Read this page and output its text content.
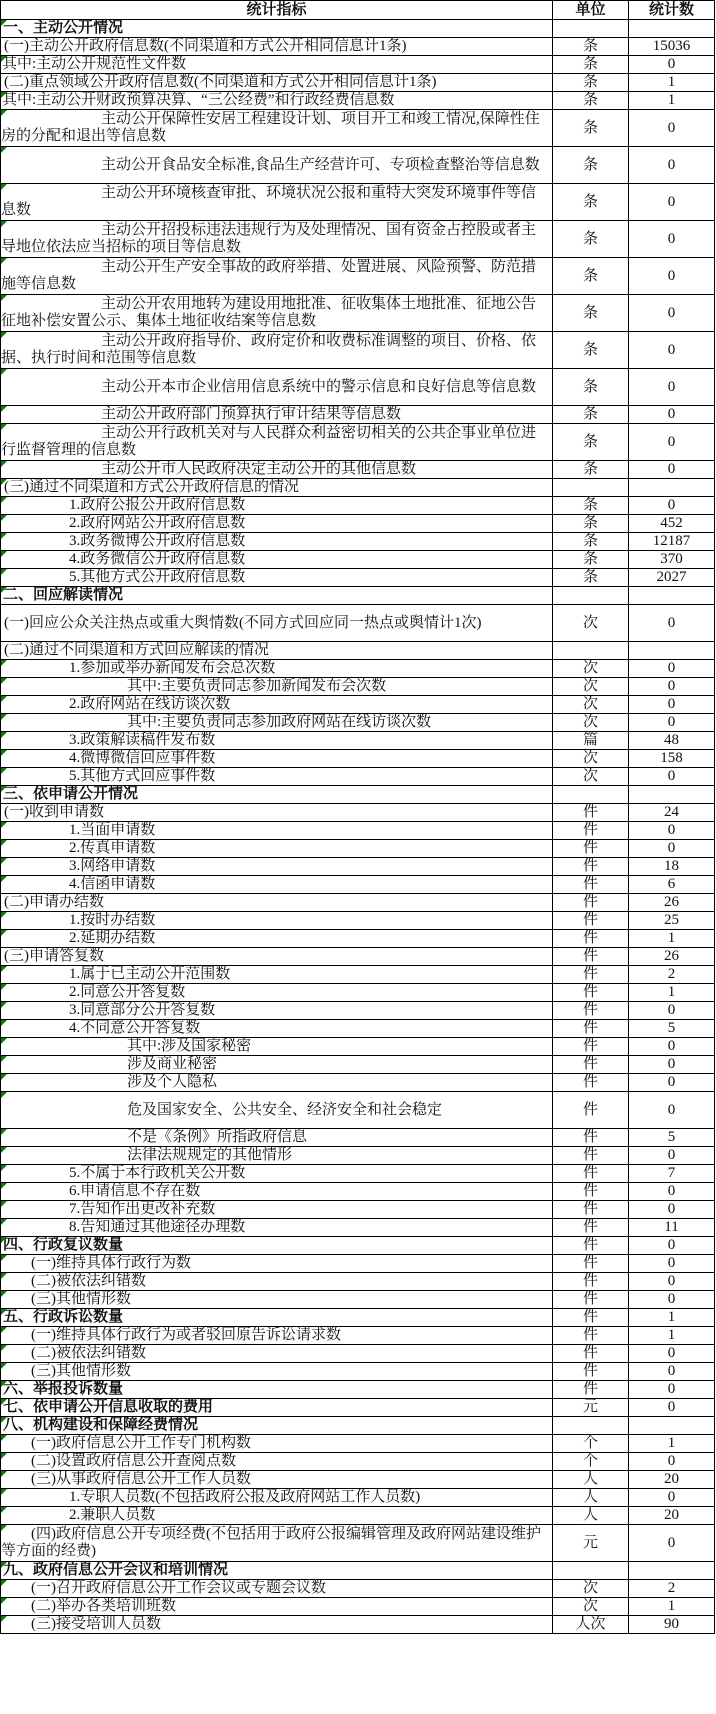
统计指标	单位	统计数

一、主动公开情况		

(一)主动公开政府信息数(不同渠道和方式公开相同信息计1条)	条	15036

其中:主动公开规范性文件数	条	0

(二)重点领域公开政府信息数(不同渠道和方式公开相同信息计1条)	条	1

其中:主动公开财政预算决算、“三公经费”和行政经费信息数	条	1

主动公开保障性安居工程建设计划、项目开工和竣工情况,保障性住房的分配和退出等信息数	条	0

主动公开食品安全标准,食品生产经营许可、专项检查整治等信息数	条	0

主动公开环境核查审批、环境状况公报和重特大突发环境事件等信息数	条	0

主动公开招投标违法违规行为及处理情况、国有资金占控股或者主导地位依法应当招标的项目等信息数	条	0

主动公开生产安全事故的政府举措、处置进展、风险预警、防范措施等信息数	条	0

主动公开农用地转为建设用地批准、征收集体土地批准、征地公告征地补偿安置公示、集体土地征收结案等信息数	条	0

主动公开政府指导价、政府定价和收费标准调整的项目、价格、依据、执行时间和范围等信息数	条	0

主动公开本市企业信用信息系统中的警示信息和良好信息等信息数	条	0

主动公开政府部门预算执行审计结果等信息数	条	0

主动公开行政机关对与人民群众利益密切相关的公共企事业单位进行监督管理的信息数	条	0

主动公开市人民政府决定主动公开的其他信息数	条	0

(三)通过不同渠道和方式公开政府信息的情况		

1.政府公报公开政府信息数	条	0

2.政府网站公开政府信息数	条	452

3.政务微博公开政府信息数	条	12187

4.政务微信公开政府信息数	条	370

5.其他方式公开政府信息数	条	2027

二、回应解读情况		

(一)回应公众关注热点或重大舆情数(不同方式回应同一热点或舆情计1次)	次	0

(二)通过不同渠道和方式回应解读的情况		

1.参加或举办新闻发布会总次数	次	0

其中:主要负责同志参加新闻发布会次数	次	0

2.政府网站在线访谈次数	次	0

其中:主要负责同志参加政府网站在线访谈次数	次	0

3.政策解读稿件发布数	篇	48

4.微博微信回应事件数	次	158

5.其他方式回应事件数	次	0

三、依申请公开情况		

(一)收到申请数	件	24

1.当面申请数	件	0

2.传真申请数	件	0

3.网络申请数	件	18

4.信函申请数	件	6

(二)申请办结数	件	26

1.按时办结数	件	25

2.延期办结数	件	1

(三)申请答复数	件	26

1.属于已主动公开范围数	件	2

2.同意公开答复数	件	1

3.同意部分公开答复数	件	0

4.不同意公开答复数	件	5

其中:涉及国家秘密	件	0

涉及商业秘密	件	0

涉及个人隐私	件	0

危及国家安全、公共安全、经济安全和社会稳定	件	0

不是《条例》所指政府信息	件	5

法律法规规定的其他情形	件	0

5.不属于本行政机关公开数	件	7

6.申请信息不存在数	件	0

7.告知作出更改补充数	件	0

8.告知通过其他途径办理数	件	11

四、行政复议数量	件	0

(一)维持具体行政行为数	件	0

(二)被依法纠错数	件	0

(三)其他情形数	件	0

五、行政诉讼数量	件	1

(一)维持具体行政行为或者驳回原告诉讼请求数	件	1

(二)被依法纠错数	件	0

(三)其他情形数	件	0

六、举报投诉数量	件	0

七、依申请公开信息收取的费用	元	0

八、机构建设和保障经费情况		

(一)政府信息公开工作专门机构数	个	1

(二)设置政府信息公开查阅点数	个	0

(三)从事政府信息公开工作人员数	人	20

1.专职人员数(不包括政府公报及政府网站工作人员数)	人	0

2.兼职人员数	人	20

(四)政府信息公开专项经费(不包括用于政府公报编辑管理及政府网站建设维护等方面的经费)	元	0

九、政府信息公开会议和培训情况		

(一)召开政府信息公开工作会议或专题会议数	次	2

(二)举办各类培训班数	次	1

(三)接受培训人员数	人次	90
